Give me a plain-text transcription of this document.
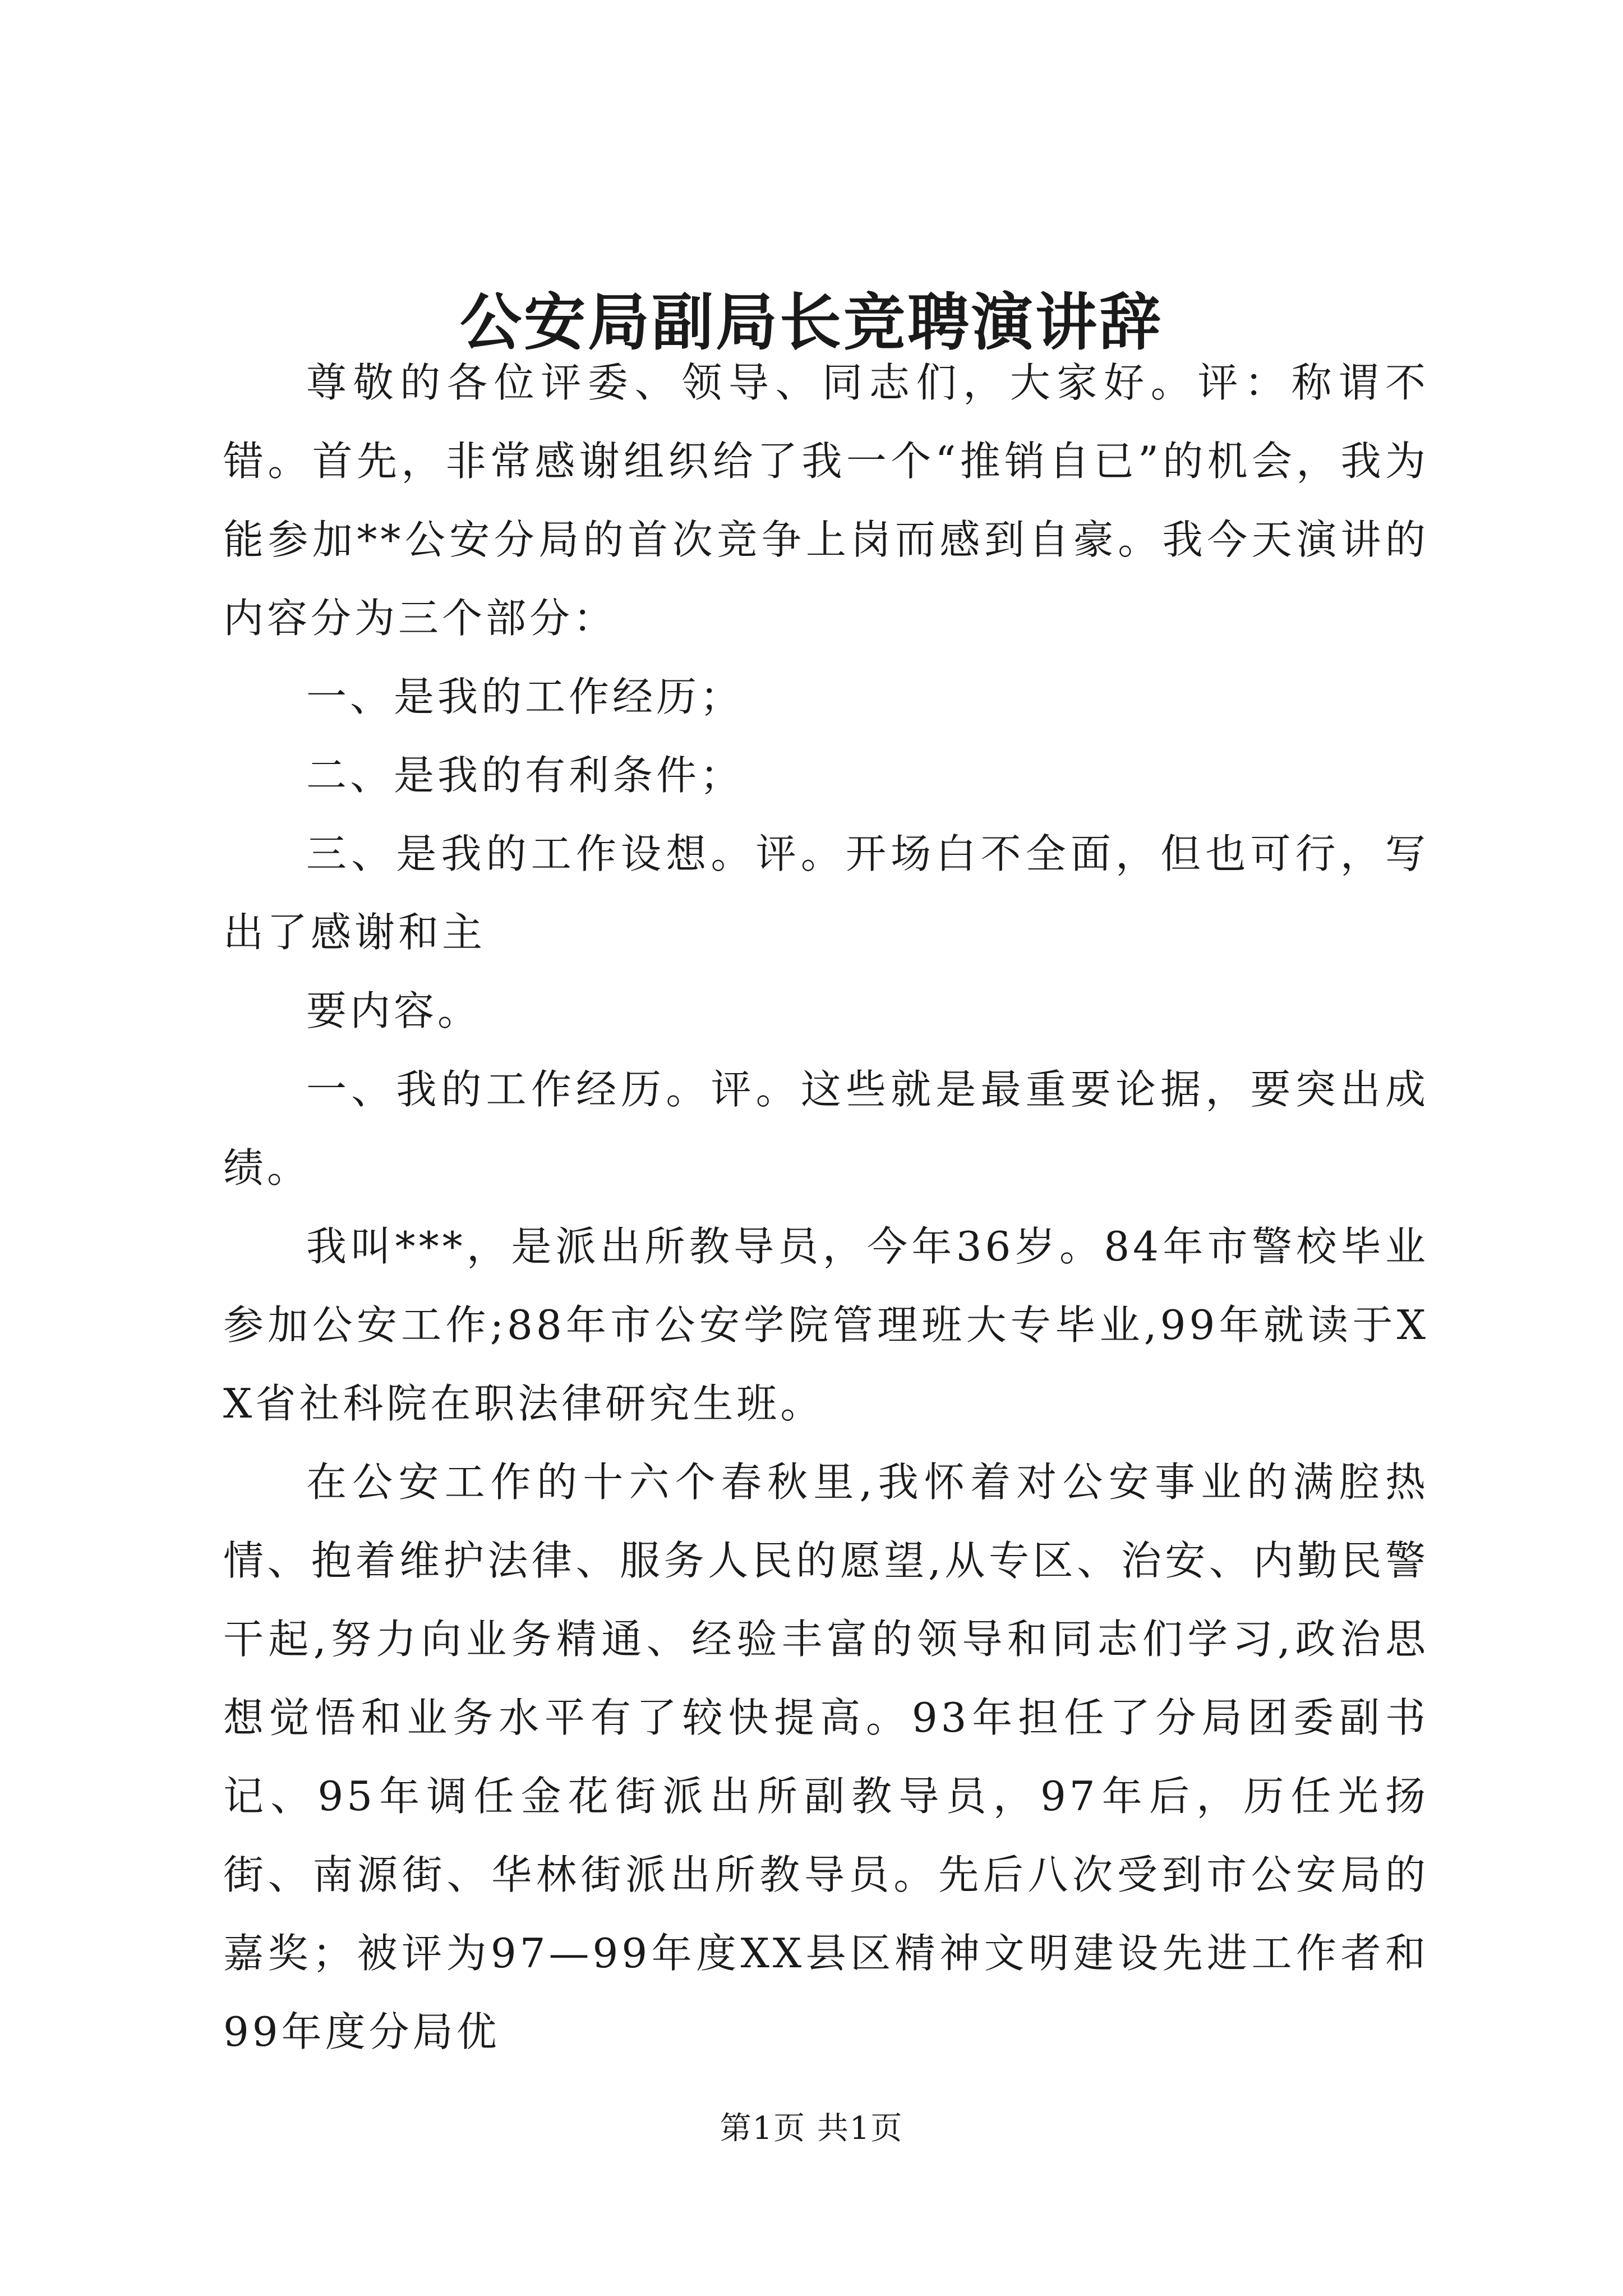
公安局副局长竞聘演讲辞

尊敬的各位评委、领导、同志们，大家好。评：称谓不错。首先，非常感谢组织给了我一个“推销自已”的机会，我为能参加**公安分局的首次竞争上岗而感到自豪。我今天演讲的内容分为三个部分：

一、是我的工作经历；

二、是我的有利条件；

三、是我的工作设想。评。开场白不全面，但也可行，写出了感谢和主

要内容。

一、我的工作经历。评。这些就是最重要论据，要突出成绩。

我叫***，是派出所教导员，今年36岁。84年市警校毕业参加公安工作;88年市公安学院管理班大专毕业,99年就读于XX省社科院在职法律研究生班。

在公安工作的十六个春秋里,我怀着对公安事业的满腔热情、抱着维护法律、服务人民的愿望,从专区、治安、内勤民警干起,努力向业务精通、经验丰富的领导和同志们学习,政治思想觉悟和业务水平有了较快提高。93年担任了分局团委副书记、95年调任金花街派出所副教导员，97年后，历任光扬街、南源街、华林街派出所教导员。先后八次受到市公安局的嘉奖；被评为97—99年度XX县区精神文明建设先进工作者和99年度分局优

第1页 共1页
